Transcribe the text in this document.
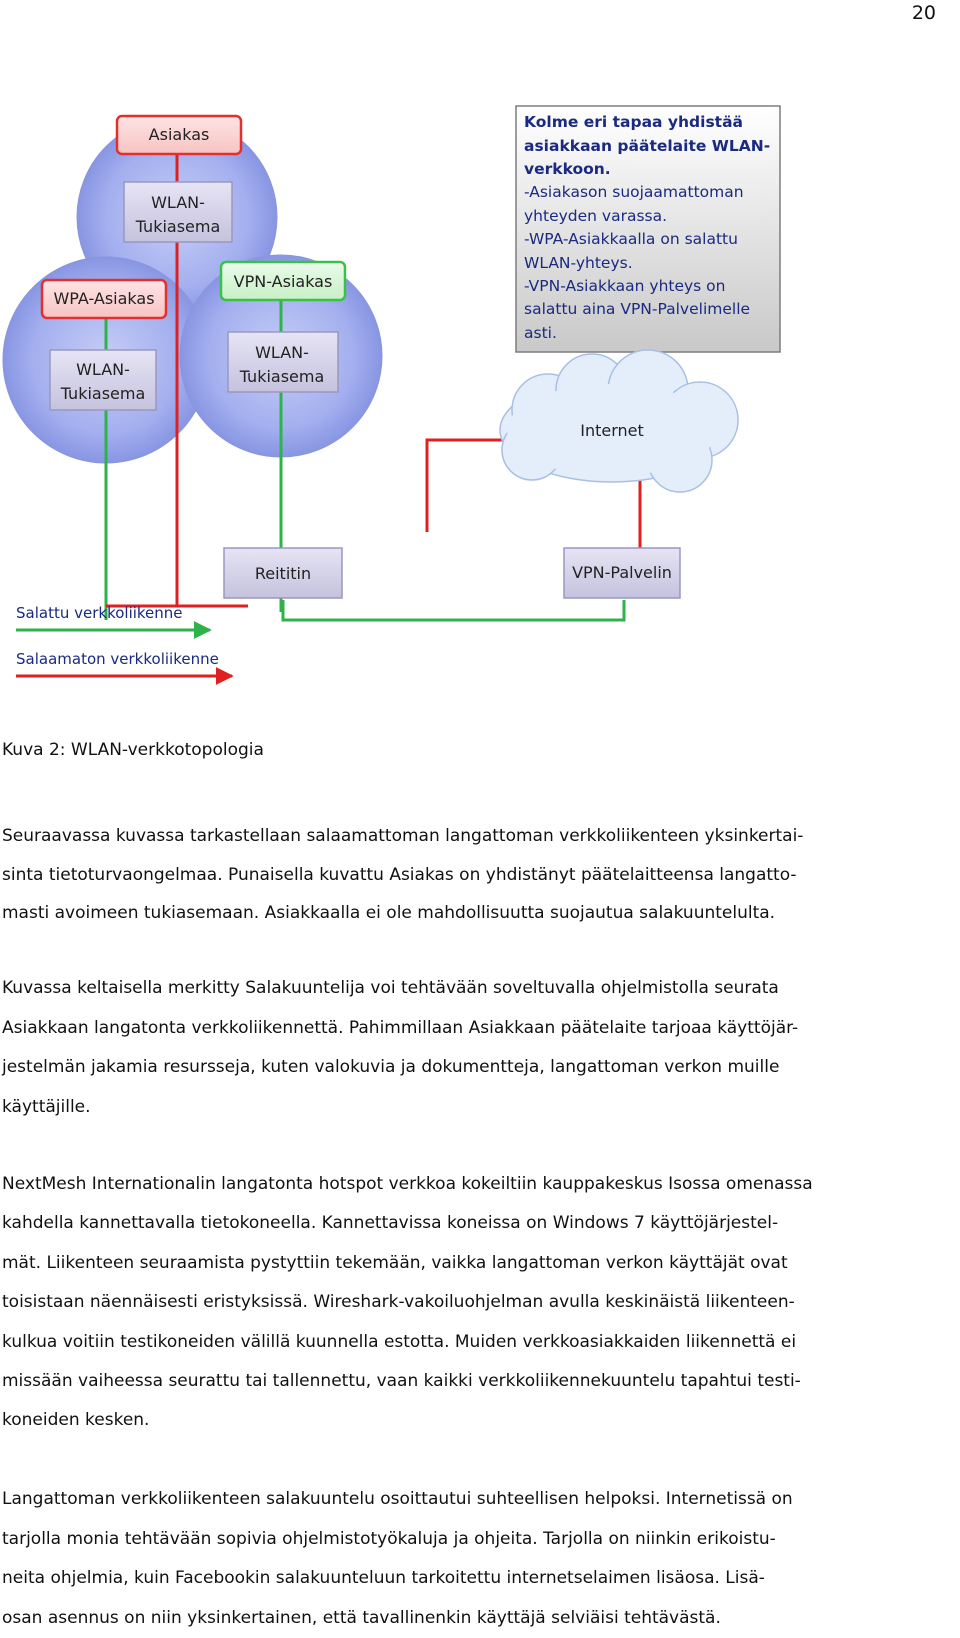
20
Asiakas
WLAN-
Tukiasema
WPA-Asiakas
VPN-Asiakas
WLAN-
Tukiasema
WLAN-
Tukiasema
Kolme eri tapaa yhdistää
asiakkaan päätelaite WLAN-
verkkoon.
-Asiakason suojaamattoman
yhteyden varassa.
-WPA-Asiakkaalla on salattu
WLAN-yhteys.
-VPN-Asiakkaan yhteys on
salattu aina VPN-Palvelimelle
asti.
Internet
Reititin	VPN-Palvelin
Salattu verkkoliikenne
Salaamaton verkkoliikenne
Kuva 2: WLAN-verkkotopologia
Seuraavassa kuvassa tarkastellaan salaamattoman langattoman verkkoliikenteen yksinkertai-
sinta tietoturvaongelmaa. Punaisella kuvattu Asiakas on yhdistänyt päätelaitteensa langatto-
masti avoimeen tukiasemaan. Asiakkaalla ei ole mahdollisuutta suojautua salakuuntelulta.
Kuvassa keltaisella merkitty Salakuuntelija voi tehtävään soveltuvalla ohjelmistolla seurata
Asiakkaan langatonta verkkoliikennettä. Pahimmillaan Asiakkaan päätelaite tarjoaa käyttöjär-
jestelmän jakamia resursseja, kuten valokuvia ja dokumentteja, langattoman verkon muille
käyttäjille.
NextMesh Internationalin langatonta hotspot verkkoa kokeiltiin kauppakeskus Isossa omenassa
kahdella kannettavalla tietokoneella. Kannettavissa koneissa on Windows 7 käyttöjärjestel-
mät. Liikenteen seuraamista pystyttiin tekemään, vaikka langattoman verkon käyttäjät ovat
toisistaan näennäisesti eristyksissä. Wireshark-vakoiluohjelman avulla keskinäistä liikenteen-
kulkua voitiin testikoneiden välillä kuunnella estotta. Muiden verkkoasiakkaiden liikennettä ei
missään vaiheessa seurattu tai tallennettu, vaan kaikki verkkoliikennekuuntelu tapahtui testi-
koneiden kesken.
Langattoman verkkoliikenteen salakuuntelu osoittautui suhteellisen helpoksi. Internetissä on
tarjolla monia tehtävään sopivia ohjelmistotyökaluja ja ohjeita. Tarjolla on niinkin erikoistu-
neita ohjelmia, kuin Facebookin salakuunteluun tarkoitettu internetselaimen lisäosa. Lisä-
osan asennus on niin yksinkertainen, että tavallinenkin käyttäjä selviäisi tehtävästä.
